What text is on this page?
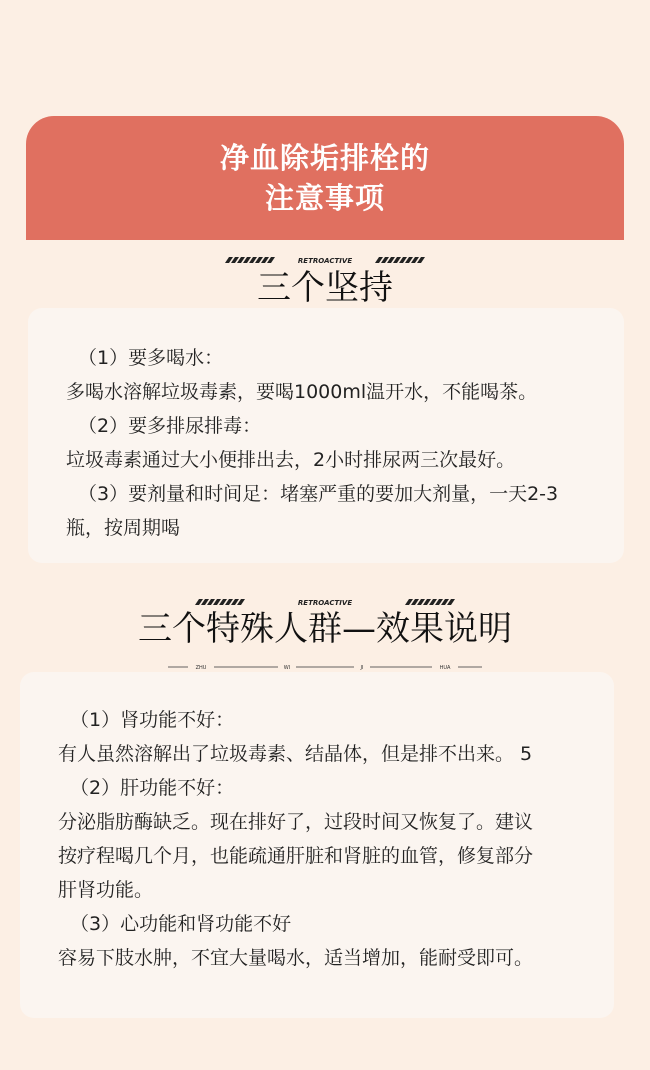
净血除垢排栓的
注意事项
RETROACTIVE
三个坚持

（1）要多喝水：

多喝水溶解垃圾毒素，要喝1000ml温开水，不能喝茶。

（2）要多排尿排毒：

垃圾毒素通过大小便排出去，2小时排尿两三次最好。

（3）要剂量和时间足：堵塞严重的要加大剂量，一天2-3

瓶，按周期喝

RETROACTIVE
三个特殊人群—效果说明
ZHU	WI	JI	HUA

（1）肾功能不好：

有人虽然溶解出了垃圾毒素、结晶体，但是排不出来。 5

（2）肝功能不好：

分泌脂肪酶缺乏。现在排好了，过段时间又恢复了。建议

按疗程喝几个月，也能疏通肝脏和肾脏的血管，修复部分

肝肾功能。

（3）心功能和肾功能不好

容易下肢水肿，不宜大量喝水，适当增加，能耐受即可。
